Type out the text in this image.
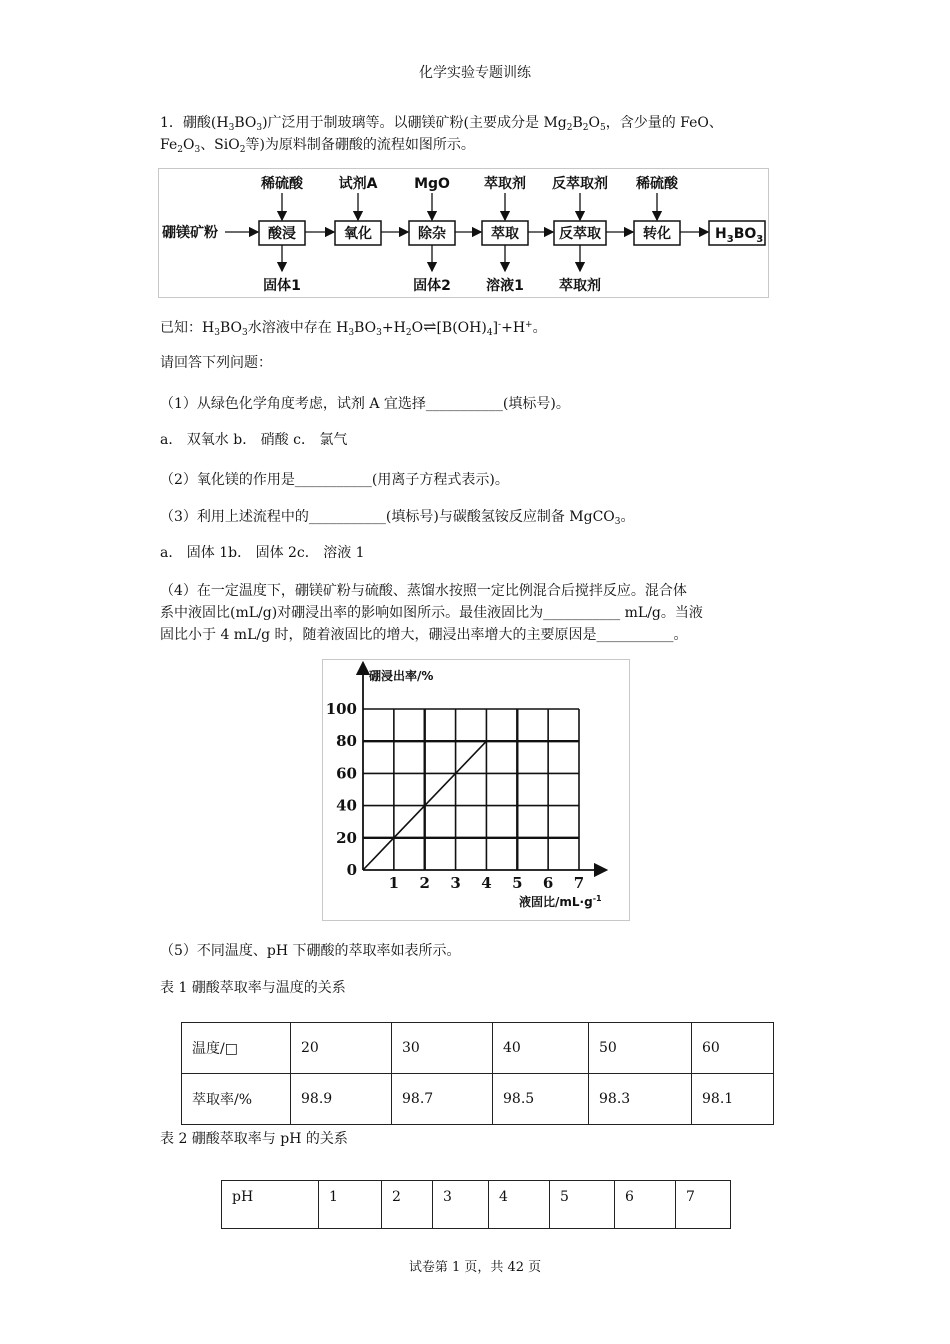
化学实验专题训练
1．硼酸$(H_3BO_3)$广泛用于制玻璃等。以硼镁矿粉(主要成分是 $Mg_2B_2O_5$，含少量的 FeO、
$Fe_2O_3$、SiO$_2$等)为原料制备硼酸的流程如图所示。
硼镁矿粉	酸浸	氧化	除杂	萃取	反萃取	转化	$H_3BO_3$
稀硫酸	试剂A	MgO 萃取剂 反萃取剂 稀硫酸
固体1	固体2	溶液1	萃取剂
已知：$H_3BO_3$水溶液中存在 $H_3BO_3+H_2O\rightleftharpoons[B(OH)_4]^-+H^+$。
请回答下列问题：
（1）从绿色化学角度考虑，试剂 A 宜选择___________(填标号)。
a． 双氧水 b． 硝酸 c． 氯气
（2）氧化镁的作用是___________(用离子方程式表示)。
（3）利用上述流程中的___________(填标号)与碳酸氢铵反应制备 MgCO$_3$。
a． 固体 1b． 固体 2c． 溶液 1
（4）在一定温度下，硼镁矿粉与硫酸、蒸馏水按照一定比例混合后搅拌反应。混合体
系中液固比(mL/g)对硼浸出率的影响如图所示。最佳液固比为___________ mL/g。当液
固比小于 4 mL/g 时，随着液固比的增大，硼浸出率增大的主要原因是___________。
0
20
40
60
80
100
1 2 3 4 5 6 7
硼浸出率/%
液固比$/mL\cdot g^{-1}$
（5）不同温度、pH 下硼酸的萃取率如表所示。
表 1 硼酸萃取率与温度的关系
温度/□	20	30	40	50	60
萃取率/%	98.9	98.7	98.5	98.3	98.1
表 2 硼酸萃取率与 pH 的关系
pH	1	2	3	4	5	6	7
试卷第 1 页，共 42 页
